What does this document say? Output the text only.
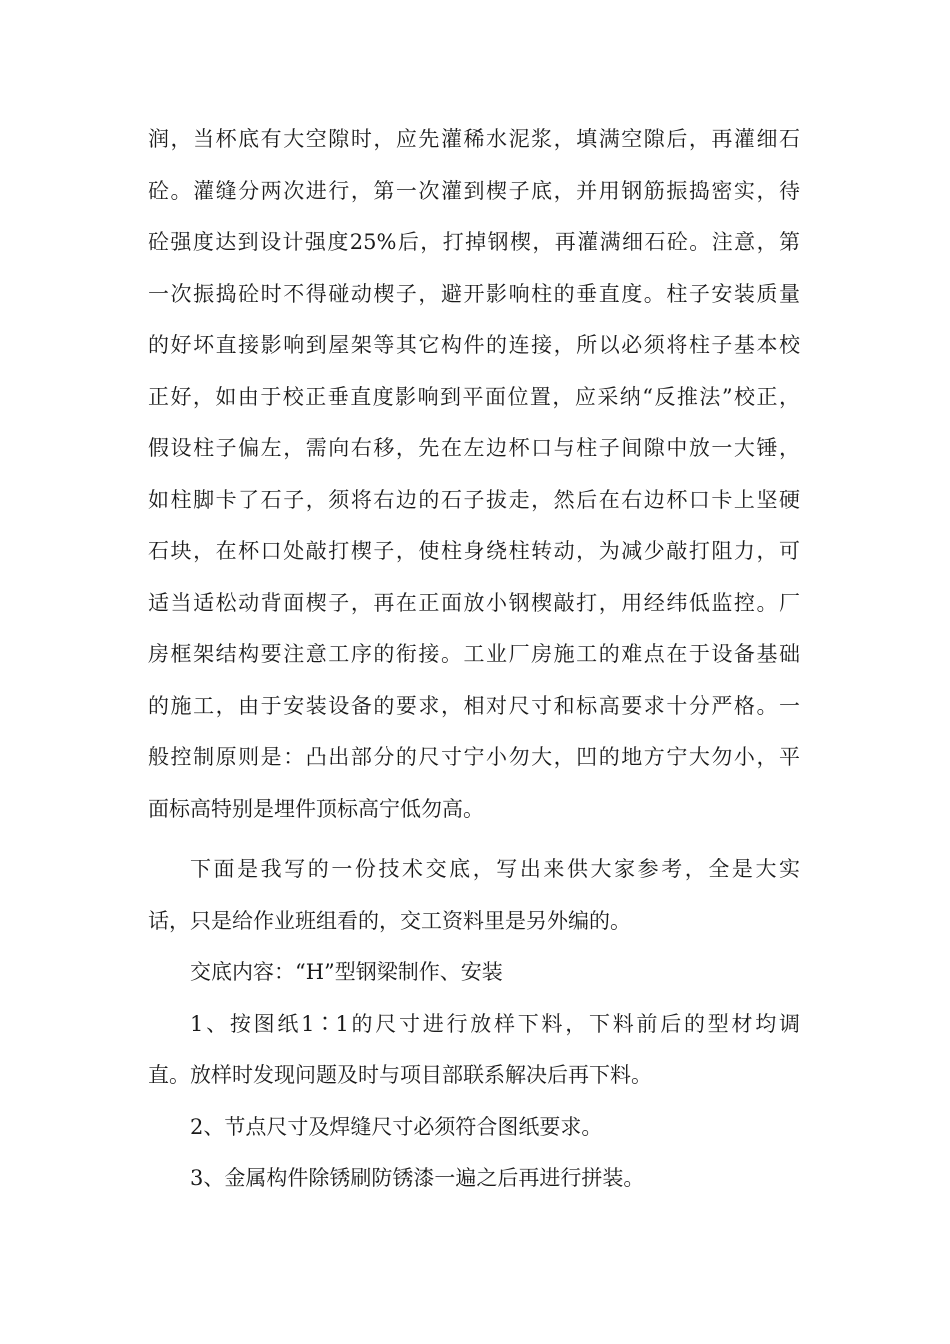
润，当杯底有大空隙时，应先灌稀水泥浆，填满空隙后，再灌细石
砼。灌缝分两次进行，第一次灌到楔子底，并用钢筋振捣密实，待
砼强度达到设计强度25%后，打掉钢楔，再灌满细石砼。注意，第
一次振捣砼时不得碰动楔子，避开影响柱的垂直度。柱子安装质量
的好坏直接影响到屋架等其它构件的连接，所以必须将柱子基本校
正好，如由于校正垂直度影响到平面位置，应采纳“反推法”校正，
假设柱子偏左，需向右移，先在左边杯口与柱子间隙中放一大锤，
如柱脚卡了石子，须将右边的石子拔走，然后在右边杯口卡上坚硬
石块，在杯口处敲打楔子，使柱身绕柱转动，为减少敲打阻力，可
适当适松动背面楔子，再在正面放小钢楔敲打，用经纬低监控。厂
房框架结构要注意工序的衔接。工业厂房施工的难点在于设备基础
的施工，由于安装设备的要求，相对尺寸和标高要求十分严格。一
般控制原则是：凸出部分的尺寸宁小勿大，凹的地方宁大勿小，平
面标高特别是埋件顶标高宁低勿高。
下面是我写的一份技术交底，写出来供大家参考，全是大实
话，只是给作业班组看的，交工资料里是另外编的。
交底内容：“H”型钢梁制作、安装
1、按图纸1∶1的尺寸进行放样下料，下料前后的型材均调
直。放样时发现问题及时与项目部联系解决后再下料。
2、节点尺寸及焊缝尺寸必须符合图纸要求。
3、金属构件除锈刷防锈漆一遍之后再进行拼装。
